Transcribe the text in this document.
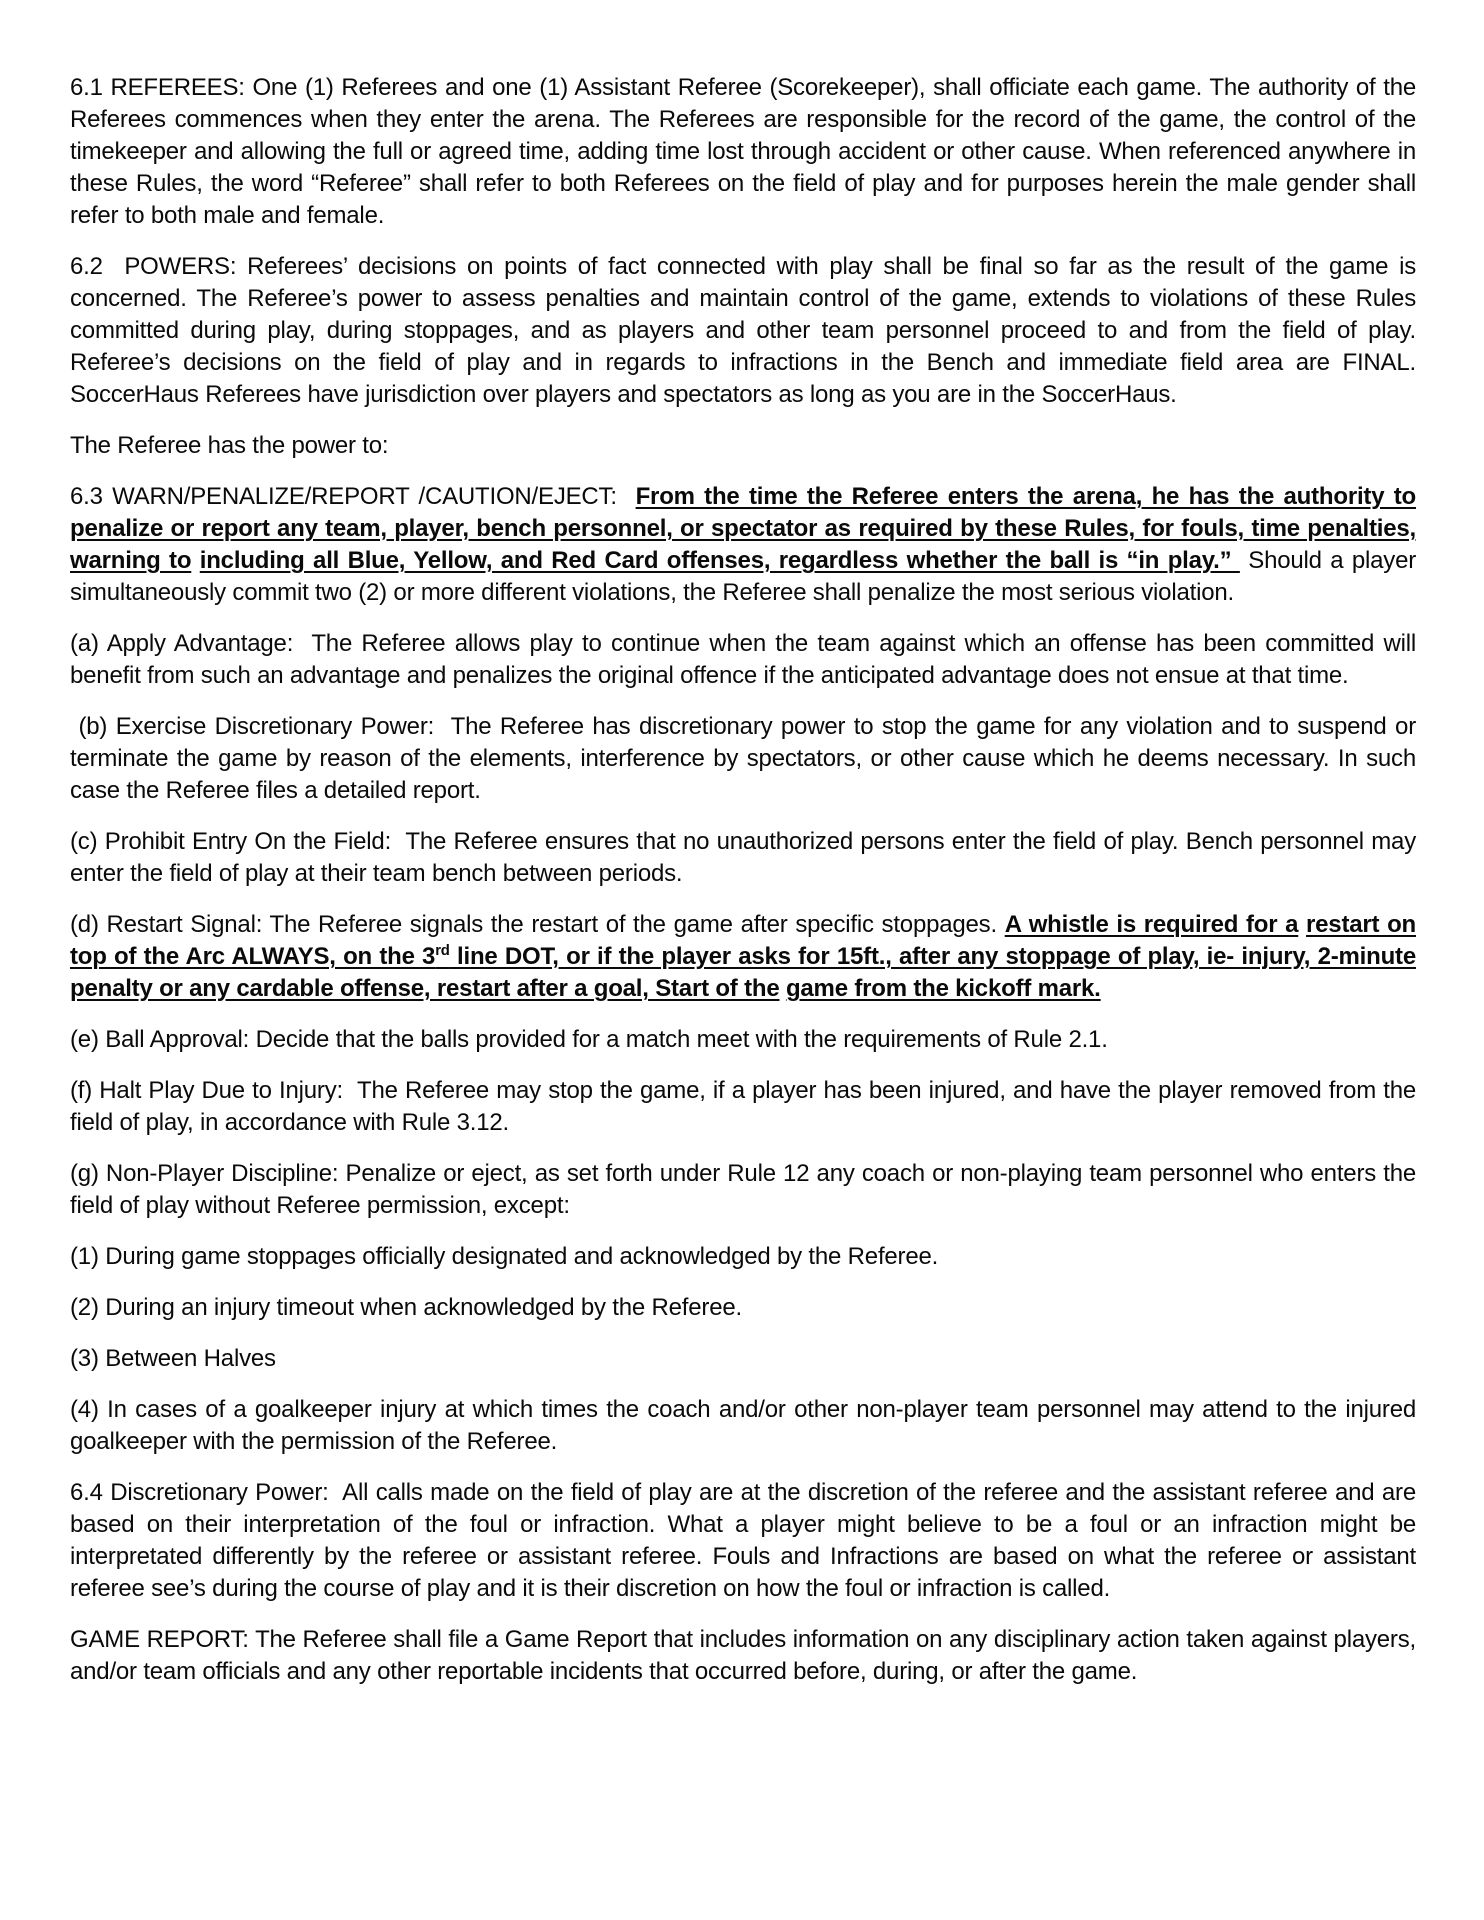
6.1 REFEREES: One (1) Referees and one (1) Assistant Referee (Scorekeeper), shall officiate each game. The authority of the Referees commences when they enter the arena. The Referees are responsible for the record of the game, the control of the timekeeper and allowing the full or agreed time, adding time lost through accident or other cause. When referenced anywhere in these Rules, the word “Referee” shall refer to both Referees on the field of play and for purposes herein the male gender shall refer to both male and female.

6.2  POWERS: Referees’ decisions on points of fact connected with play shall be final so far as the result of the game is concerned. The Referee’s power to assess penalties and maintain control of the game, extends to violations of these Rules committed during play, during stoppages, and as players and other team personnel proceed to and from the field of play. Referee’s decisions on the field of play and in regards to infractions in the Bench and immediate field area are FINAL. SoccerHaus Referees have jurisdiction over players and spectators as long as you are in the SoccerHaus.

The Referee has the power to:

6.3 WARN/PENALIZE/REPORT /CAUTION/EJECT:  From the time the Referee enters the arena, he has the authority to penalize or report any team, player, bench personnel, or spectator as required by these Rules, for fouls, time penalties, warning to including all Blue, Yellow, and Red Card offenses, regardless whether the ball is “in play.”  Should a player simultaneously commit two (2) or more different violations, the Referee shall penalize the most serious violation.

(a) Apply Advantage:  The Referee allows play to continue when the team against which an offense has been committed will benefit from such an advantage and penalizes the original offence if the anticipated advantage does not ensue at that time.

(b) Exercise Discretionary Power:  The Referee has discretionary power to stop the game for any violation and to suspend or terminate the game by reason of the elements, interference by spectators, or other cause which he deems necessary. In such case the Referee files a detailed report.

(c) Prohibit Entry On the Field:  The Referee ensures that no unauthorized persons enter the field of play. Bench personnel may enter the field of play at their team bench between periods.

(d) Restart Signal: The Referee signals the restart of the game after specific stoppages. A whistle is required for a restart on top of the Arc ALWAYS, on the 3rd line DOT, or if the player asks for 15ft., after any stoppage of play, ie- injury, 2-minute penalty or any cardable offense, restart after a goal, Start of the game from the kickoff mark.

(e) Ball Approval: Decide that the balls provided for a match meet with the requirements of Rule 2.1.

(f) Halt Play Due to Injury:  The Referee may stop the game, if a player has been injured, and have the player removed from the field of play, in accordance with Rule 3.12.

(g) Non-Player Discipline: Penalize or eject, as set forth under Rule 12 any coach or non-playing team personnel who enters the field of play without Referee permission, except:

(1) During game stoppages officially designated and acknowledged by the Referee.

(2) During an injury timeout when acknowledged by the Referee.

(3) Between Halves

(4) In cases of a goalkeeper injury at which times the coach and/or other non-player team personnel may attend to the injured goalkeeper with the permission of the Referee.

6.4 Discretionary Power:  All calls made on the field of play are at the discretion of the referee and the assistant referee and are based on their interpretation of the foul or infraction. What a player might believe to be a foul or an infraction might be interpretated differently by the referee or assistant referee. Fouls and Infractions are based on what the referee or assistant referee see’s during the course of play and it is their discretion on how the foul or infraction is called.

GAME REPORT: The Referee shall file a Game Report that includes information on any disciplinary action taken against players, and/or team officials and any other reportable incidents that occurred before, during, or after the game.
